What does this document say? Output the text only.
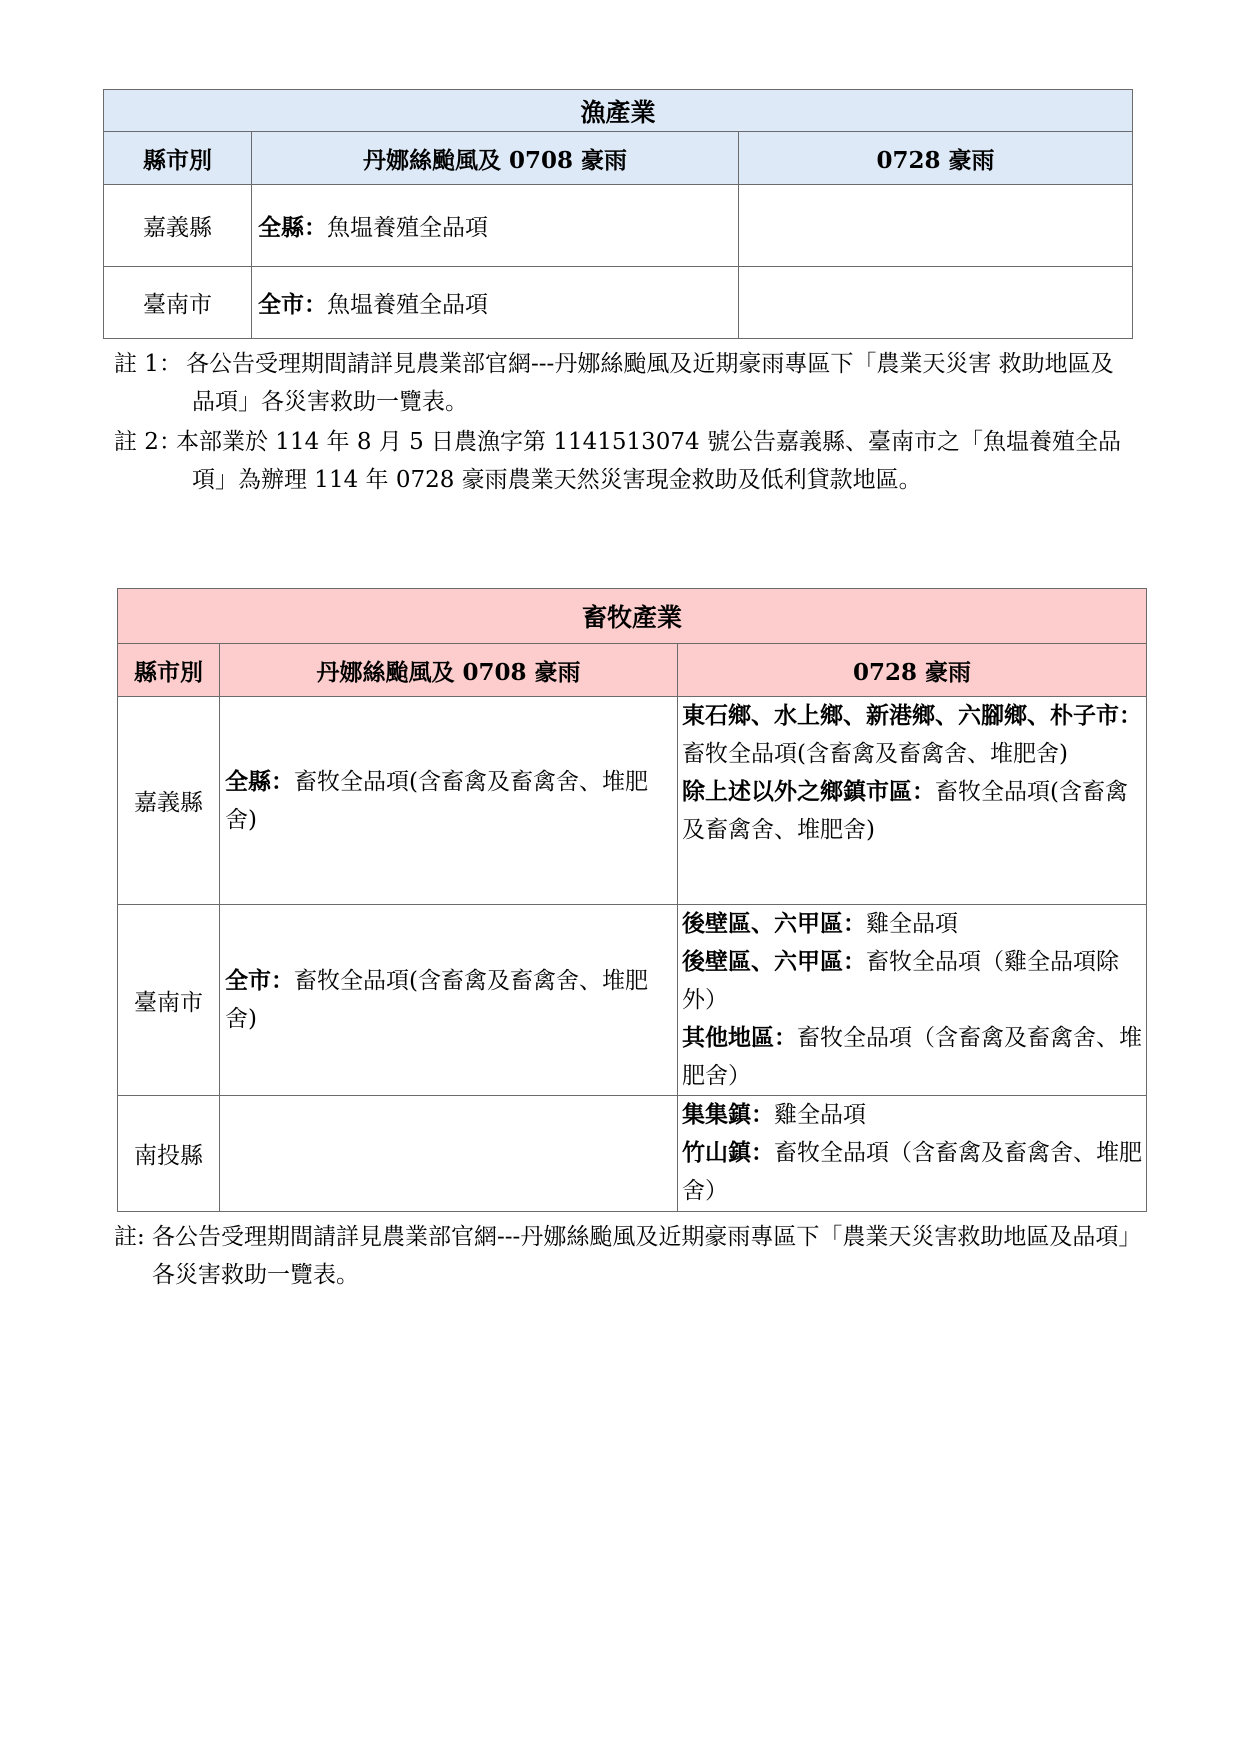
漁產業		
縣市別	丹娜絲颱風及 0708 豪雨	0728 豪雨
嘉義縣	全縣：魚塭養殖全品項	
臺南市	全市：魚塭養殖全品項	
註 1： 各公告受理期間請詳見農業部官網---丹娜絲颱風及近期豪雨專區下「農業天災害 救助地區及品項」各災害救助一覽表。
註 2：
本部業於 114 年 8 月 5 日農漁字第 1141513074 號公告嘉義縣、臺南市之「魚塭養殖全品項」為辦理 114 年 0728 豪雨農業天然災害現金救助及低利貸款地區。
畜牧產業		
縣市別	丹娜絲颱風及 0708 豪雨	0728 豪雨
嘉義縣	全縣：畜牧全品項(含畜禽及畜禽舍、堆肥舍)	東石鄉、水上鄉、新港鄉、六腳鄉、朴子市：畜牧全品項(含畜禽及畜禽舍、堆肥舍)

除上述以外之鄉鎮市區：畜牧全品項(含畜禽及畜禽舍、堆肥舍)

臺南市	全市：畜牧全品項(含畜禽及畜禽舍、堆肥舍)	後壁區、六甲區：雞全品項

後壁區、六甲區：畜牧全品項（雞全品項除外）

其他地區：畜牧全品項（含畜禽及畜禽舍、堆肥舍）

南投縣		集集鎮：雞全品項

竹山鎮：畜牧全品項（含畜禽及畜禽舍、堆肥舍）

註: 各公告受理期間請詳見農業部官網---丹娜絲颱風及近期豪雨專區下「農業天災害救助地區及品項」各災害救助一覽表。
